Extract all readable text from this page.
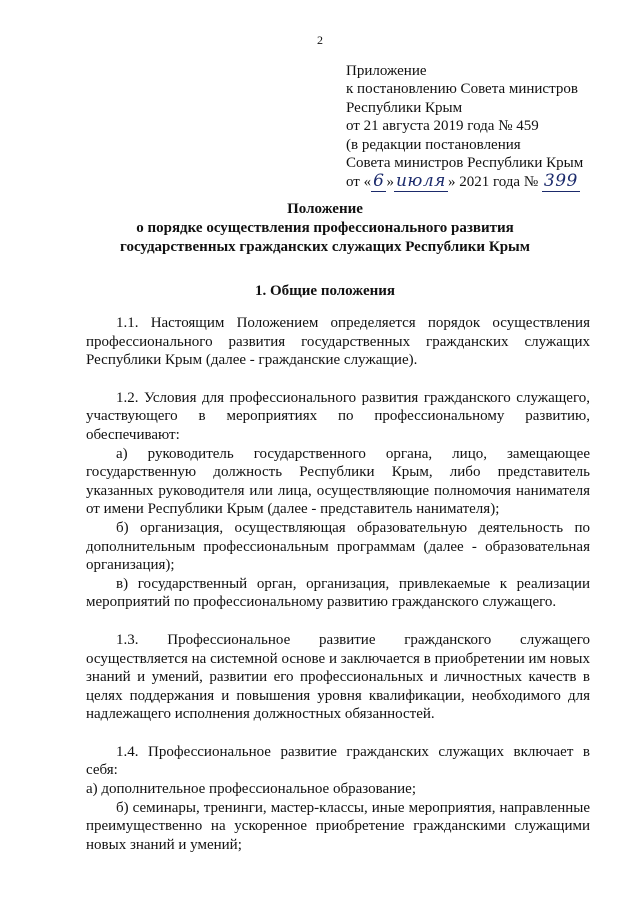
2
Приложение
к постановлению Совета министров
Республики Крым
от 21 августа 2019 года № 459
(в редакции постановления
Совета министров Республики Крым
от « 6 » июля » 2021 года № 399
Положение
о порядке осуществления профессионального развития
государственных гражданских служащих Республики Крым
1. Общие положения

1.1. Настоящим Положением определяется порядок осуществления профессионального развития государственных гражданских служащих Республики Крым (далее - гражданские служащие).

1.2. Условия для профессионального развития гражданского служащего, участвующего в мероприятиях по профессиональному развитию, обеспечивают:

а) руководитель государственного органа, лицо, замещающее государственную должность Республики Крым, либо представитель указанных руководителя или лица, осуществляющие полномочия нанимателя от имени Республики Крым (далее - представитель нанимателя);

б) организация, осуществляющая образовательную деятельность по дополнительным профессиональным программам (далее - образовательная организация);

в) государственный орган, организация, привлекаемые к реализации мероприятий по профессиональному развитию гражданского служащего.

1.3. Профессиональное развитие гражданского служащего осуществляется на системной основе и заключается в приобретении им новых знаний и умений, развитии его профессиональных и личностных качеств в целях поддержания и повышения уровня квалификации, необходимого для надлежащего исполнения должностных обязанностей.

1.4. Профессиональное развитие гражданских служащих включает в себя:

а) дополнительное профессиональное образование;

б) семинары, тренинги, мастер-классы, иные мероприятия, направленные преимущественно на ускоренное приобретение гражданскими служащими новых знаний и умений;
